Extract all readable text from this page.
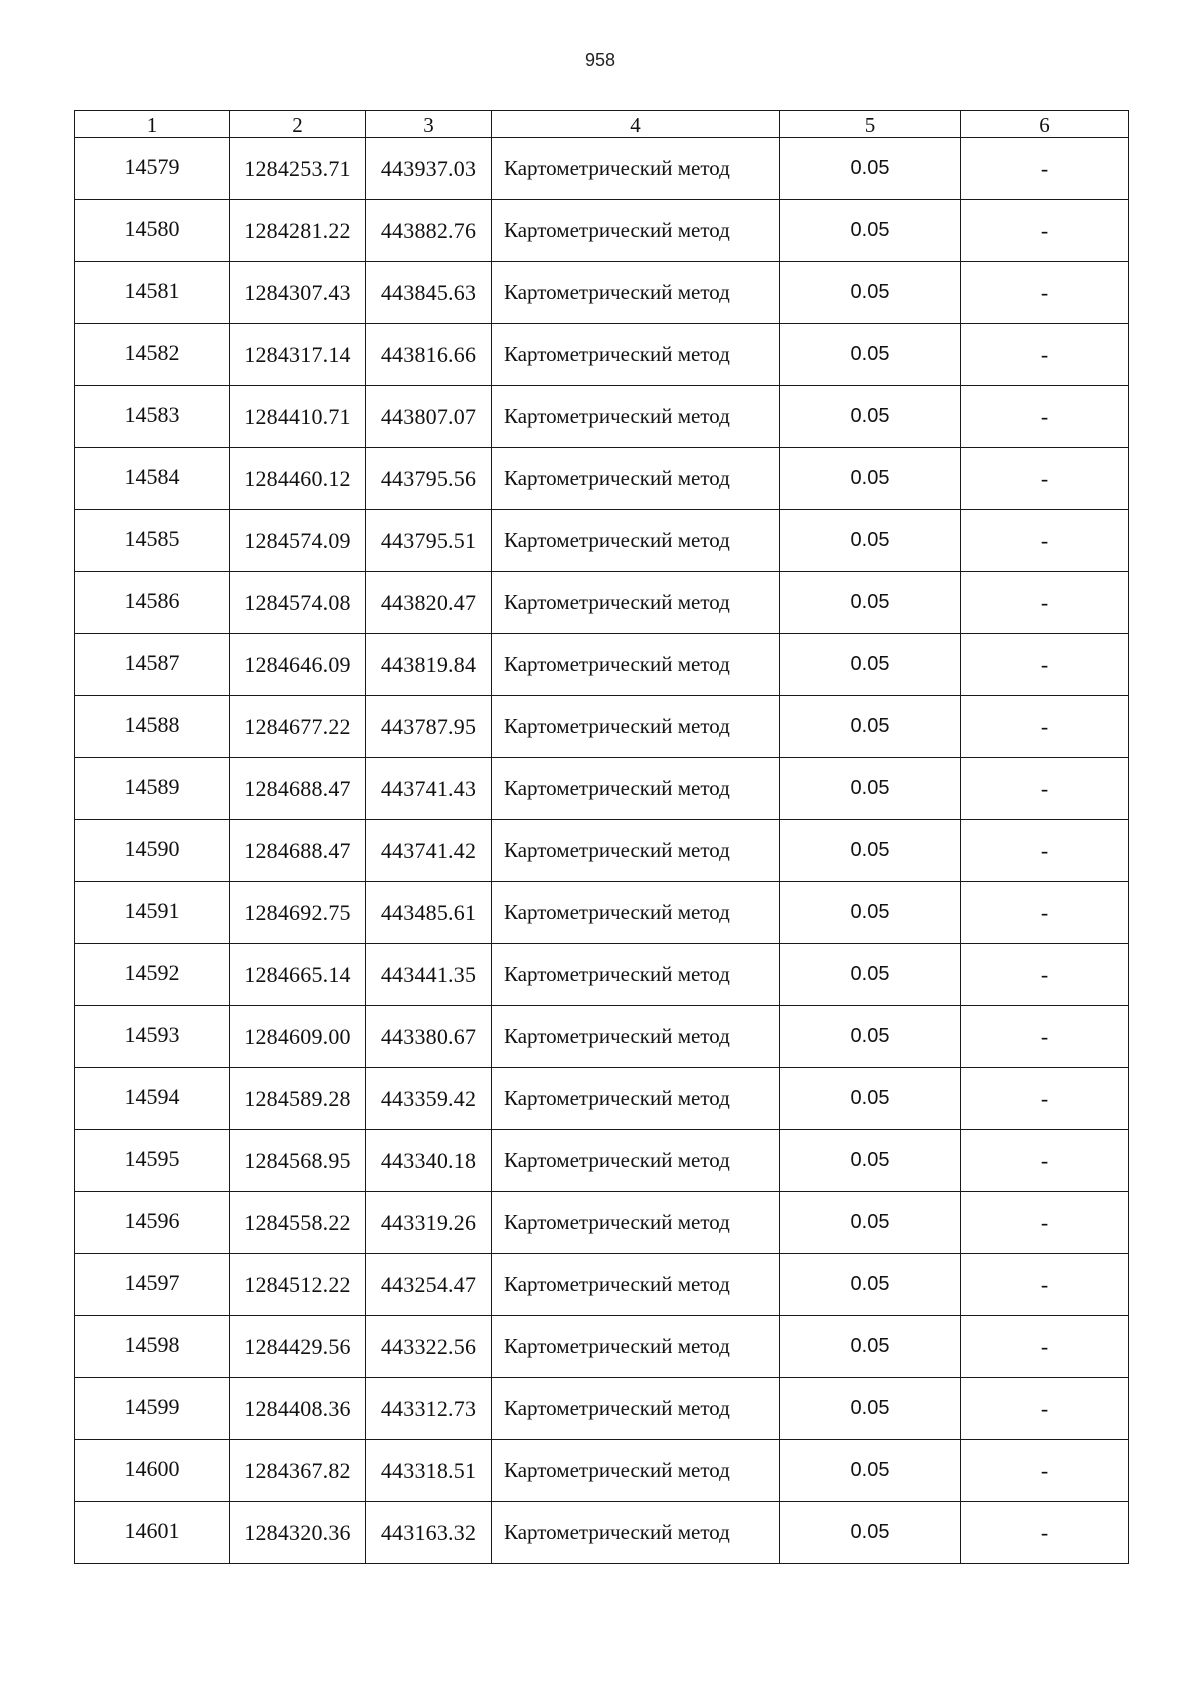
958
1	2	3	4	5	6
14579	1284253.71	443937.03	Картометрический метод	0.05	-
14580	1284281.22	443882.76	Картометрический метод	0.05	-
14581	1284307.43	443845.63	Картометрический метод	0.05	-
14582	1284317.14	443816.66	Картометрический метод	0.05	-
14583	1284410.71	443807.07	Картометрический метод	0.05	-
14584	1284460.12	443795.56	Картометрический метод	0.05	-
14585	1284574.09	443795.51	Картометрический метод	0.05	-
14586	1284574.08	443820.47	Картометрический метод	0.05	-
14587	1284646.09	443819.84	Картометрический метод	0.05	-
14588	1284677.22	443787.95	Картометрический метод	0.05	-
14589	1284688.47	443741.43	Картометрический метод	0.05	-
14590	1284688.47	443741.42	Картометрический метод	0.05	-
14591	1284692.75	443485.61	Картометрический метод	0.05	-
14592	1284665.14	443441.35	Картометрический метод	0.05	-
14593	1284609.00	443380.67	Картометрический метод	0.05	-
14594	1284589.28	443359.42	Картометрический метод	0.05	-
14595	1284568.95	443340.18	Картометрический метод	0.05	-
14596	1284558.22	443319.26	Картометрический метод	0.05	-
14597	1284512.22	443254.47	Картометрический метод	0.05	-
14598	1284429.56	443322.56	Картометрический метод	0.05	-
14599	1284408.36	443312.73	Картометрический метод	0.05	-
14600	1284367.82	443318.51	Картометрический метод	0.05	-
14601	1284320.36	443163.32	Картометрический метод	0.05	-
